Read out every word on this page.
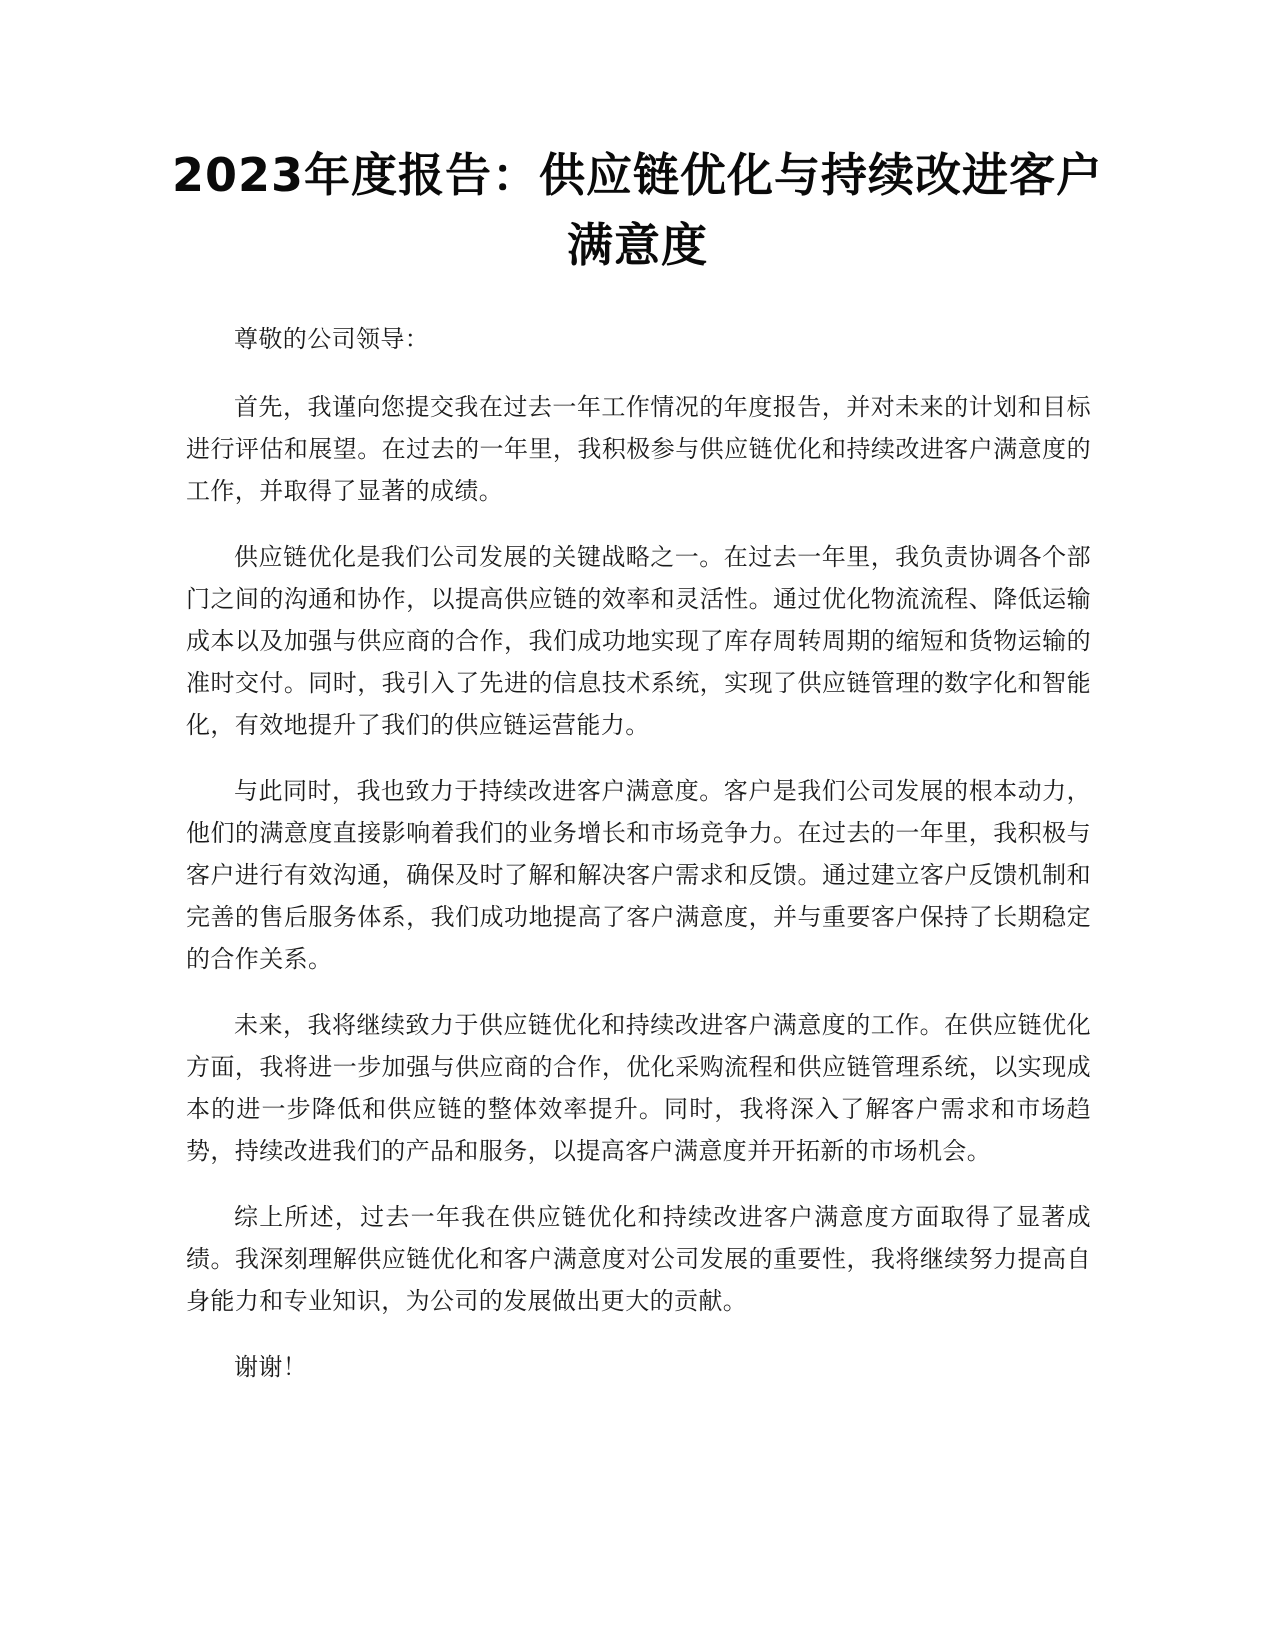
2023年度报告：供应链优化与持续改进客户
满意度

尊敬的公司领导：

首先，我谨向您提交我在过去一年工作情况的年度报告，并对未来的计划和目标进行评估和展望。在过去的一年里，我积极参与供应链优化和持续改进客户满意度的工作，并取得了显著的成绩。

供应链优化是我们公司发展的关键战略之一。在过去一年里，我负责协调各个部门之间的沟通和协作，以提高供应链的效率和灵活性。通过优化物流流程、降低运输成本以及加强与供应商的合作，我们成功地实现了库存周转周期的缩短和货物运输的准时交付。同时，我引入了先进的信息技术系统，实现了供应链管理的数字化和智能化，有效地提升了我们的供应链运营能力。

与此同时，我也致力于持续改进客户满意度。客户是我们公司发展的根本动力，他们的满意度直接影响着我们的业务增长和市场竞争力。在过去的一年里，我积极与客户进行有效沟通，确保及时了解和解决客户需求和反馈。通过建立客户反馈机制和完善的售后服务体系，我们成功地提高了客户满意度，并与重要客户保持了长期稳定的合作关系。

未来，我将继续致力于供应链优化和持续改进客户满意度的工作。在供应链优化方面，我将进一步加强与供应商的合作，优化采购流程和供应链管理系统，以实现成本的进一步降低和供应链的整体效率提升。同时，我将深入了解客户需求和市场趋势，持续改进我们的产品和服务，以提高客户满意度并开拓新的市场机会。

综上所述，过去一年我在供应链优化和持续改进客户满意度方面取得了显著成绩。我深刻理解供应链优化和客户满意度对公司发展的重要性，我将继续努力提高自身能力和专业知识，为公司的发展做出更大的贡献。

谢谢！
